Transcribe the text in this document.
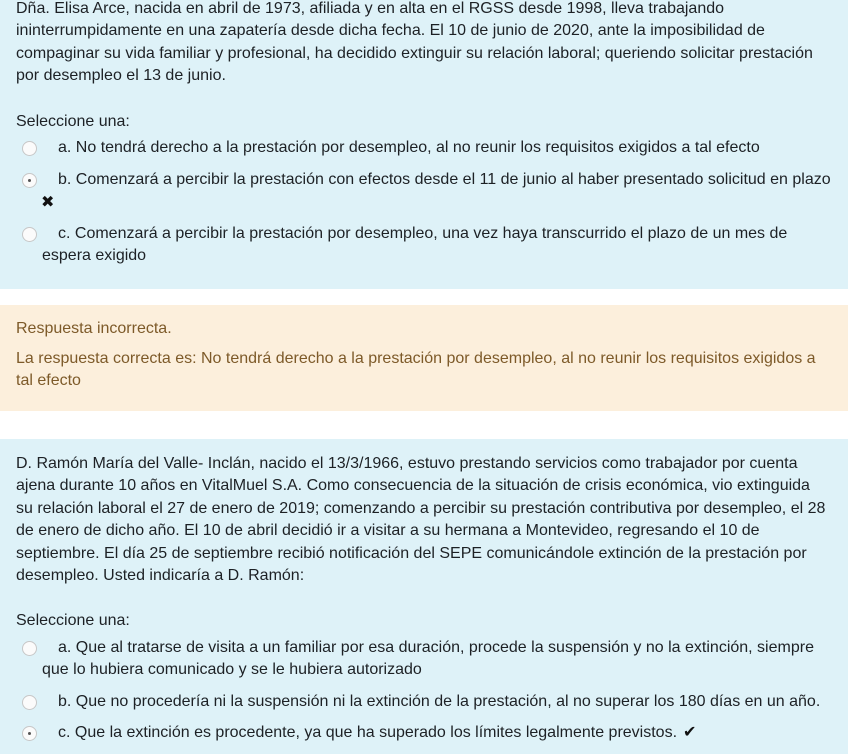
Dña. Elisa Arce, nacida en abril de 1973, afiliada y en alta en el RGSS desde 1998, lleva trabajando ininterrumpidamente en una zapatería desde dicha fecha. El 10 de junio de 2020, ante la imposibilidad de compaginar su vida familiar y profesional, ha decidido extinguir su relación laboral; queriendo solicitar prestación por desempleo el 13 de junio.
Seleccione una:
a. No tendrá derecho a la prestación por desempleo, al no reunir los requisitos exigidos a tal efecto
b. Comenzará a percibir la prestación con efectos desde el 11 de junio al haber presentado solicitud en plazo
✖
c. Comenzará a percibir la prestación por desempleo, una vez haya transcurrido el plazo de un mes de espera exigido
Respuesta incorrecta.
La respuesta correcta es: No tendrá derecho a la prestación por desempleo, al no reunir los requisitos exigidos a tal efecto
D. Ramón María del Valle- Inclán, nacido el 13/3/1966, estuvo prestando servicios como trabajador por cuenta ajena durante 10 años en VitalMuel S.A. Como consecuencia de la situación de crisis económica, vio extinguida su relación laboral el 27 de enero de 2019; comenzando a percibir su prestación contributiva por desempleo, el 28 de enero de dicho año. El 10 de abril decidió ir a visitar a su hermana a Montevideo, regresando el 10 de septiembre. El día 25 de septiembre recibió notificación del SEPE comunicándole extinción de la prestación por desempleo. Usted indicaría a D. Ramón:
Seleccione una:
a. Que al tratarse de visita a un familiar por esa duración, procede la suspensión y no la extinción, siempre que lo hubiera comunicado y se le hubiera autorizado
b. Que no procedería ni la suspensión ni la extinción de la prestación, al no superar los 180 días en un año.
c. Que la extinción es procedente, ya que ha superado los límites legalmente previstos. ✔
